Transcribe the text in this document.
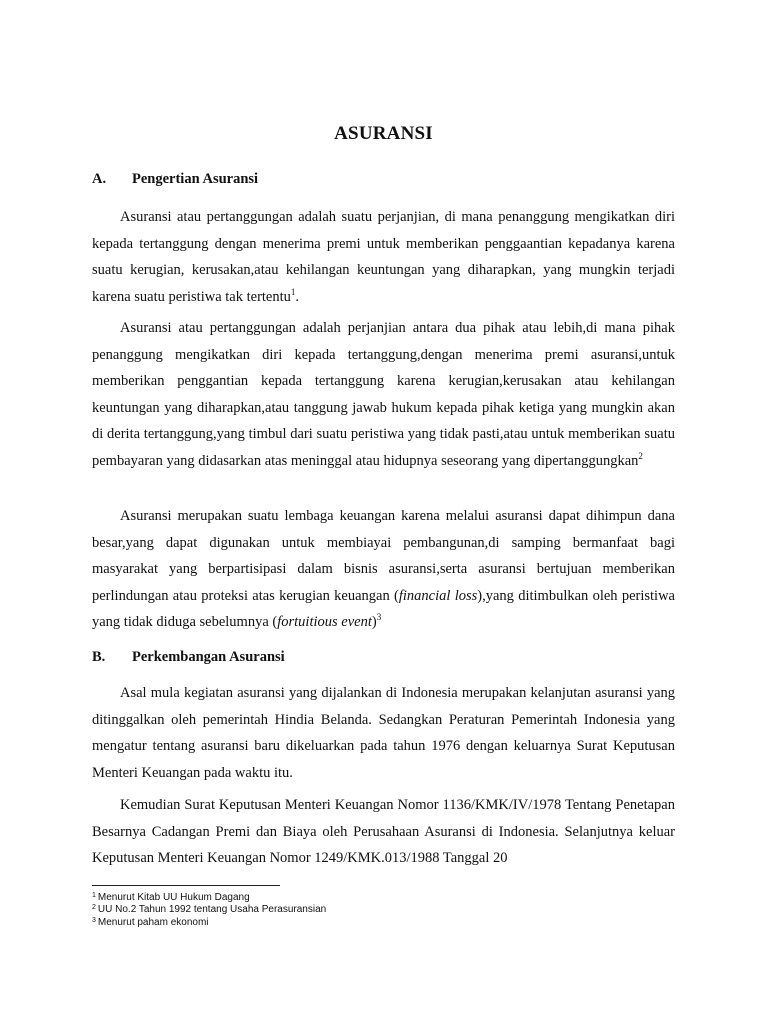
ASURANSI
A. Pengertian Asuransi

Asuransi atau pertanggungan adalah suatu perjanjian, di mana penanggung mengikatkan diri kepada tertanggung dengan menerima premi untuk memberikan penggaantian kepadanya karena suatu kerugian, kerusakan,atau kehilangan keuntungan yang diharapkan, yang mungkin terjadi karena suatu peristiwa tak tertentu$^1$.

Asuransi atau pertanggungan adalah perjanjian antara dua pihak atau lebih,di mana pihak penanggung mengikatkan diri kepada tertanggung,dengan menerima premi asuransi,untuk memberikan penggantian kepada tertanggung karena kerugian,kerusakan atau kehilangan keuntungan yang diharapkan,atau tanggung jawab hukum kepada pihak ketiga yang mungkin akan di derita tertanggung,yang timbul dari suatu peristiwa yang tidak pasti,atau untuk memberikan suatu pembayaran yang didasarkan atas meninggal atau hidupnya seseorang yang dipertanggungkan$^2$

Asuransi merupakan suatu lembaga keuangan karena melalui asuransi dapat dihimpun dana besar,yang dapat digunakan untuk membiayai pembangunan,di samping bermanfaat bagi masyarakat yang berpartisipasi dalam bisnis asuransi,serta asuransi bertujuan memberikan perlindungan atau proteksi atas kerugian keuangan (financial loss),yang ditimbulkan oleh peristiwa yang tidak diduga sebelumnya (fortuitious event)$^3$

B. Perkembangan Asuransi

Asal mula kegiatan asuransi yang dijalankan di Indonesia merupakan kelanjutan asuransi yang ditinggalkan oleh pemerintah Hindia Belanda. Sedangkan Peraturan Pemerintah Indonesia yang mengatur tentang asuransi baru dikeluarkan pada tahun 1976 dengan keluarnya Surat Keputusan Menteri Keuangan pada waktu itu.

Kemudian Surat Keputusan Menteri Keuangan Nomor 1136/KMK/IV/1978 Tentang Penetapan Besarnya Cadangan Premi dan Biaya oleh Perusahaan Asuransi di Indonesia. Selanjutnya keluar Keputusan Menteri Keuangan Nomor 1249/KMK.013/1988 Tanggal 20

$^1$ Menurut Kitab UU Hukum Dagang
$^2$ UU No.2 Tahun 1992 tentang Usaha Perasuransian
$^3$ Menurut paham ekonomi
